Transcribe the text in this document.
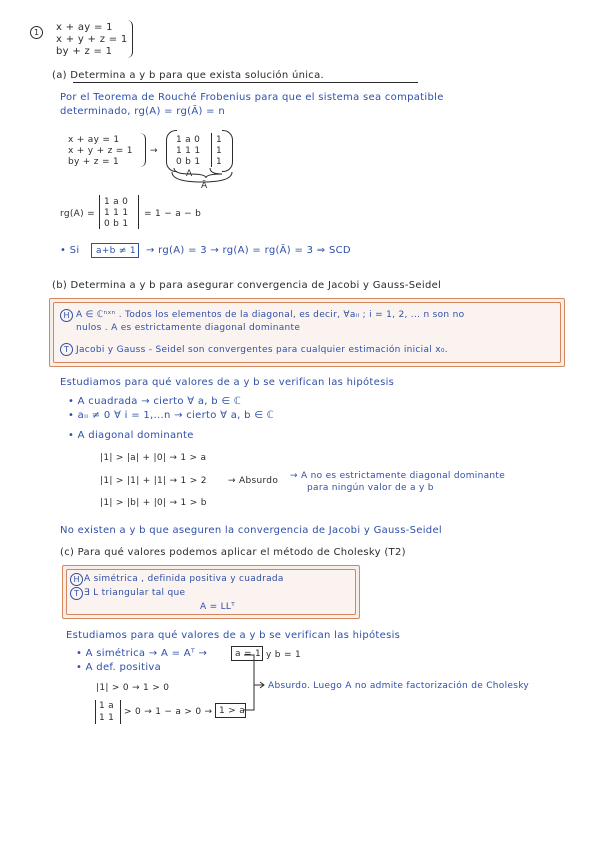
1	x + ay = 1
x + y + z = 1
by + z = 1
(a) Determina a y b para que exista solución única.
Por el Teorema de Rouché Frobenius para que el sistema sea compatible
determinado, rg(A) = rg(Ā) = n
x + ay = 1
x + y + z = 1
by + z = 1
→
1 a 0
1 1 1
0 b 1
1
1
1
A
Ā
rg(A) =
1 a 0
1 1 1
0 b 1
= 1 − a − b
• Si a+b ≠ 1 → rg(A) = 3 → rg(A) = rg(Ā) = 3 ⇒ SCD
(b) Determina a y b para asegurar convergencia de Jacobi y Gauss-Seidel
H A ∈ ℂⁿˣⁿ . Todos los elementos de la diagonal, es decir, ∀aᵢᵢ ; i = 1, 2, ... n son no
nulos . A es estrictamente diagonal dominante
T Jacobi y Gauss - Seidel son convergentes para cualquier estimación inicial x₀.
Estudiamos para qué valores de a y b se verifican las hipótesis
• A cuadrada → cierto ∀ a, b ∈ ℂ
• aᵢᵢ ≠ 0 ∀ i = 1,...n → cierto ∀ a, b ∈ ℂ
• A diagonal dominante
|1| > |a| + |0| → 1 > a
|1| > |1| + |1| → 1 > 2 → Absurdo → A no es estrictamente diagonal dominante
para ningún valor de a y b
|1| > |b| + |0| → 1 > b
No existen a y b que aseguren la convergencia de Jacobi y Gauss-Seidel
(c) Para qué valores podemos aplicar el método de Cholesky (T2)
H A simétrica , definida positiva y cuadrada
T ∃ L triangular tal que
A = LLᵀ
Estudiamos para qué valores de a y b se verifican las hipótesis
• A simétrica → A = Aᵀ →	a = 1 y b = 1
• A def. positiva
|1| > 0 → 1 > 0
1 a
1 1
> 0 → 1 − a > 0 → 1 > a
Absurdo. Luego A no admite factorización de Cholesky
